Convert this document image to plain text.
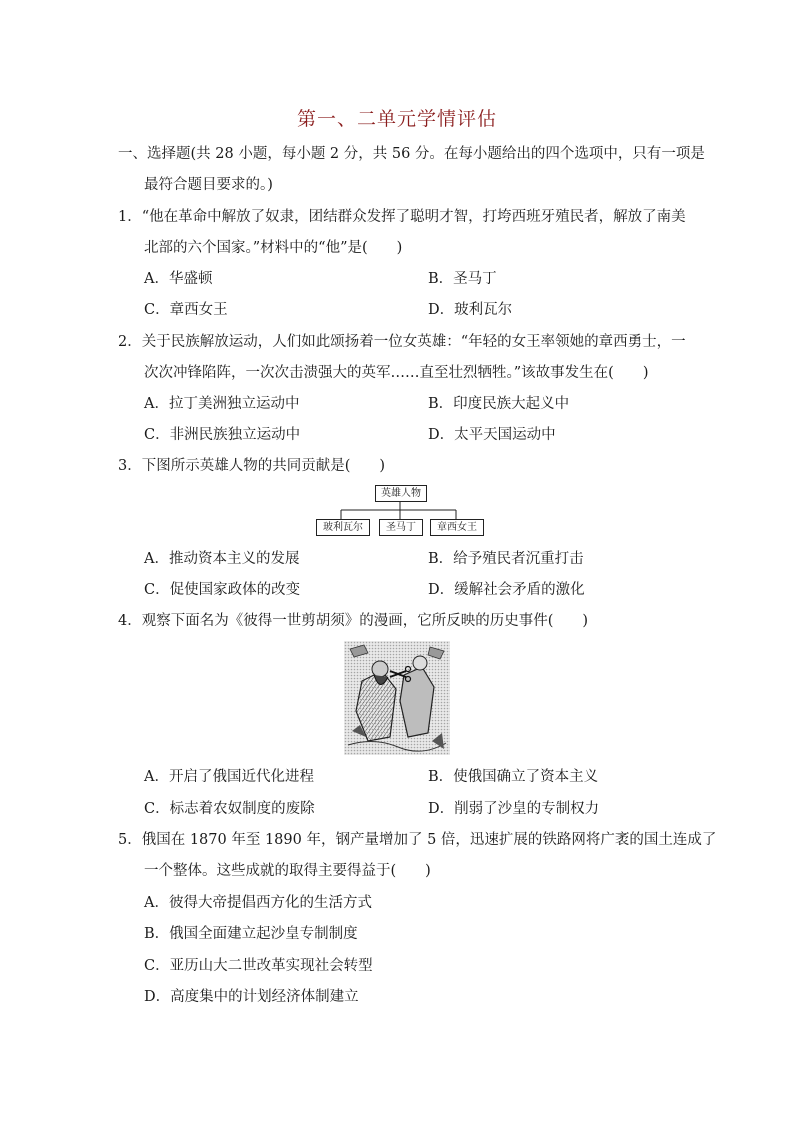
第一、二单元学情评估
一、选择题(共 28 小题，每小题 2 分，共 56 分。在每小题给出的四个选项中，只有一项是
最符合题目要求的。)
1．“他在革命中解放了奴隶，团结群众发挥了聪明才智，打垮西班牙殖民者，解放了南美
北部的六个国家。”材料中的“他”是(　　)
A．华盛顿	B．圣马丁
C．章西女王	D．玻利瓦尔
2．关于民族解放运动，人们如此颂扬着一位女英雄：“年轻的女王率领她的章西勇士，一
次次冲锋陷阵，一次次击溃强大的英军……直至壮烈牺牲。”该故事发生在(　　)
A．拉丁美洲独立运动中	B．印度民族大起义中
C．非洲民族独立运动中	D．太平天国运动中
3．下图所示英雄人物的共同贡献是(　　)
英雄人物
玻利瓦尔	圣马丁	章西女王
A．推动资本主义的发展	B．给予殖民者沉重打击
C．促使国家政体的改变	D．缓解社会矛盾的激化
4．观察下面名为《彼得一世剪胡须》的漫画，它所反映的历史事件(　　)
A．开启了俄国近代化进程	B．使俄国确立了资本主义
C．标志着农奴制度的废除	D．削弱了沙皇的专制权力
5．俄国在 1870 年至 1890 年，钢产量增加了 5 倍，迅速扩展的铁路网将广袤的国土连成了
一个整体。这些成就的取得主要得益于(　　)
A．彼得大帝提倡西方化的生活方式
B．俄国全面建立起沙皇专制制度
C．亚历山大二世改革实现社会转型
D．高度集中的计划经济体制建立
